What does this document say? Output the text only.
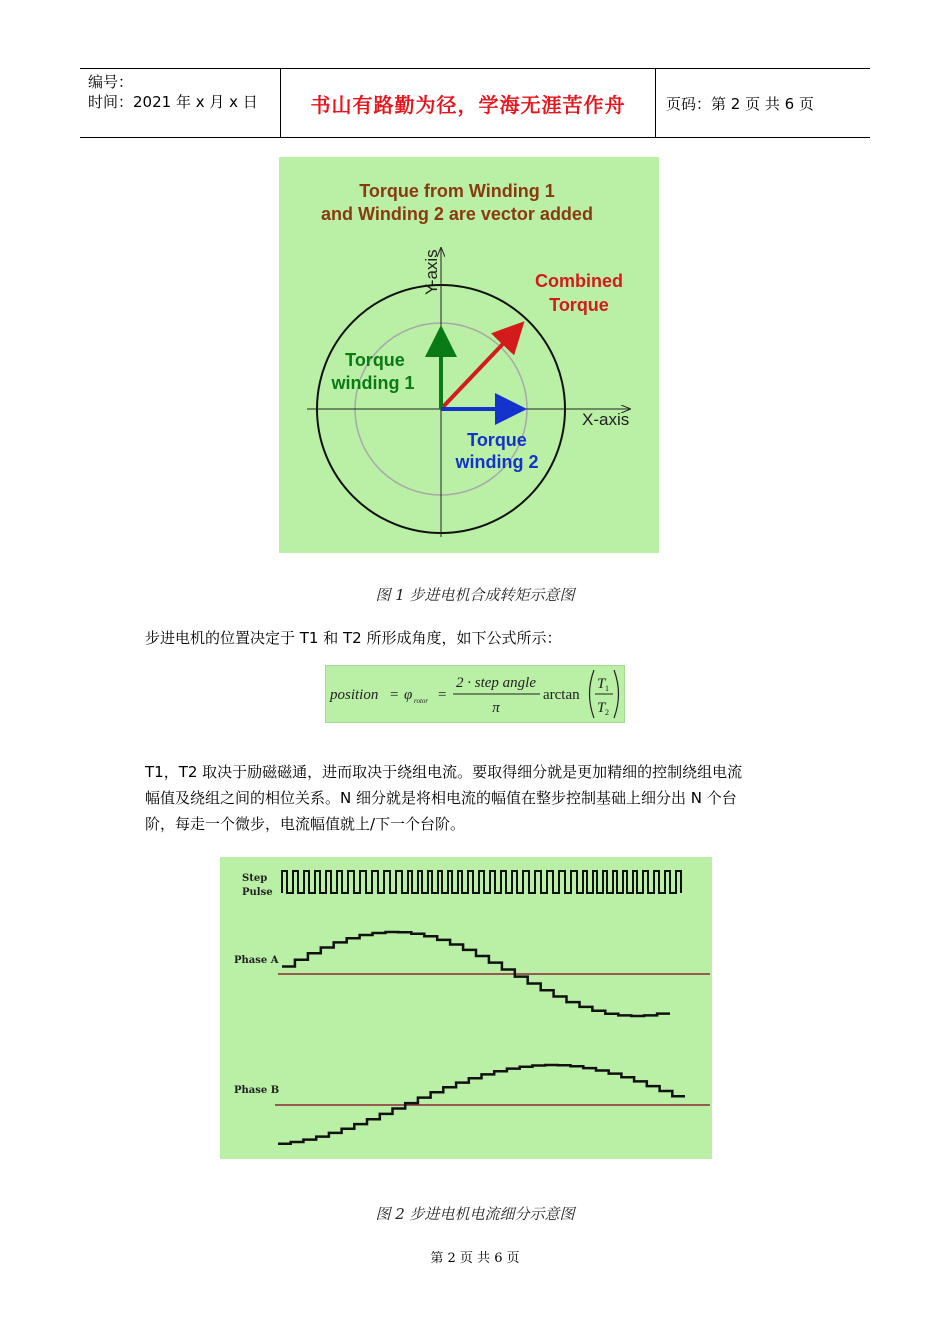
编号：
时间：2021 年 x 月 x 日	书山有路勤为径，学海无涯苦作舟	页码：第 2 页 共 6 页
Torque from Winding 1
and Winding 2 are vector added
Y-axis
X-axis
Combined
Torque
Torque
winding 1
Torque
winding 2
图 1 步进电机合成转矩示意图
步进电机的位置决定于 T1 和 T2 所形成角度，如下公式所示：
position = φ rotor =
2 · step angle
π
arctan
T 1
T 2
T1，T2 取决于励磁磁通，进而取决于绕组电流。要取得细分就是更加精细的控制绕组电流
幅值及绕组之间的相位关系。N 细分就是将相电流的幅值在整步控制基础上细分出 N 个台
阶，每走一个微步，电流幅值就上/下一个台阶。
Step
Pulse
Phase A
Phase B
图 2 步进电机电流细分示意图
第 2 页 共 6 页
